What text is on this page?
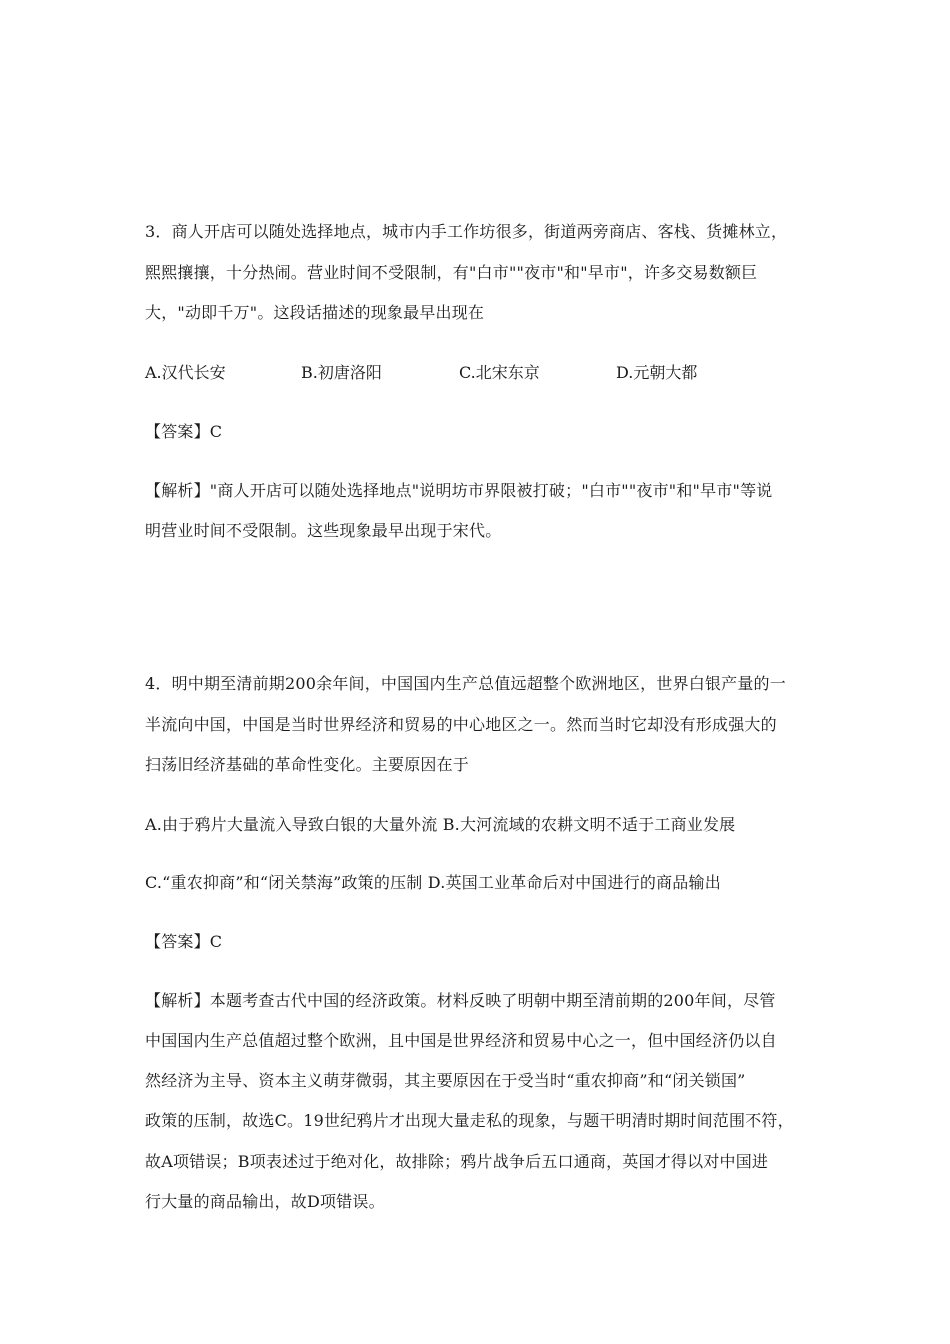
3．商人开店可以随处选择地点，城市内手工作坊很多，街道两旁商店、客栈、货摊林立，
熙熙攘攘，十分热闹。营业时间不受限制，有"白市""夜市"和"早市"，许多交易数额巨
大，"动即千万"。这段话描述的现象最早出现在
A.汉代长安	B.初唐洛阳	C.北宋东京	D.元朝大都
【答案】C
【解析】"商人开店可以随处选择地点"说明坊市界限被打破；"白市""夜市"和"早市"等说
明营业时间不受限制。这些现象最早出现于宋代。
4．明中期至清前期200余年间，中国国内生产总值远超整个欧洲地区，世界白银产量的一
半流向中国，中国是当时世界经济和贸易的中心地区之一。然而当时它却没有形成强大的
扫荡旧经济基础的革命性变化。主要原因在于
A.由于鸦片大量流入导致白银的大量外流 B.大河流域的农耕文明不适于工商业发展
C.“重农抑商”和“闭关禁海”政策的压制 D.英国工业革命后对中国进行的商品输出
【答案】C
【解析】本题考查古代中国的经济政策。材料反映了明朝中期至清前期的200年间，尽管
中国国内生产总值超过整个欧洲，且中国是世界经济和贸易中心之一，但中国经济仍以自
然经济为主导、资本主义萌芽微弱，其主要原因在于受当时“重农抑商”和“闭关锁国”
政策的压制，故选C。19世纪鸦片才出现大量走私的现象，与题干明清时期时间范围不符，
故A项错误；B项表述过于绝对化，故排除；鸦片战争后五口通商，英国才得以对中国进
行大量的商品输出，故D项错误。
